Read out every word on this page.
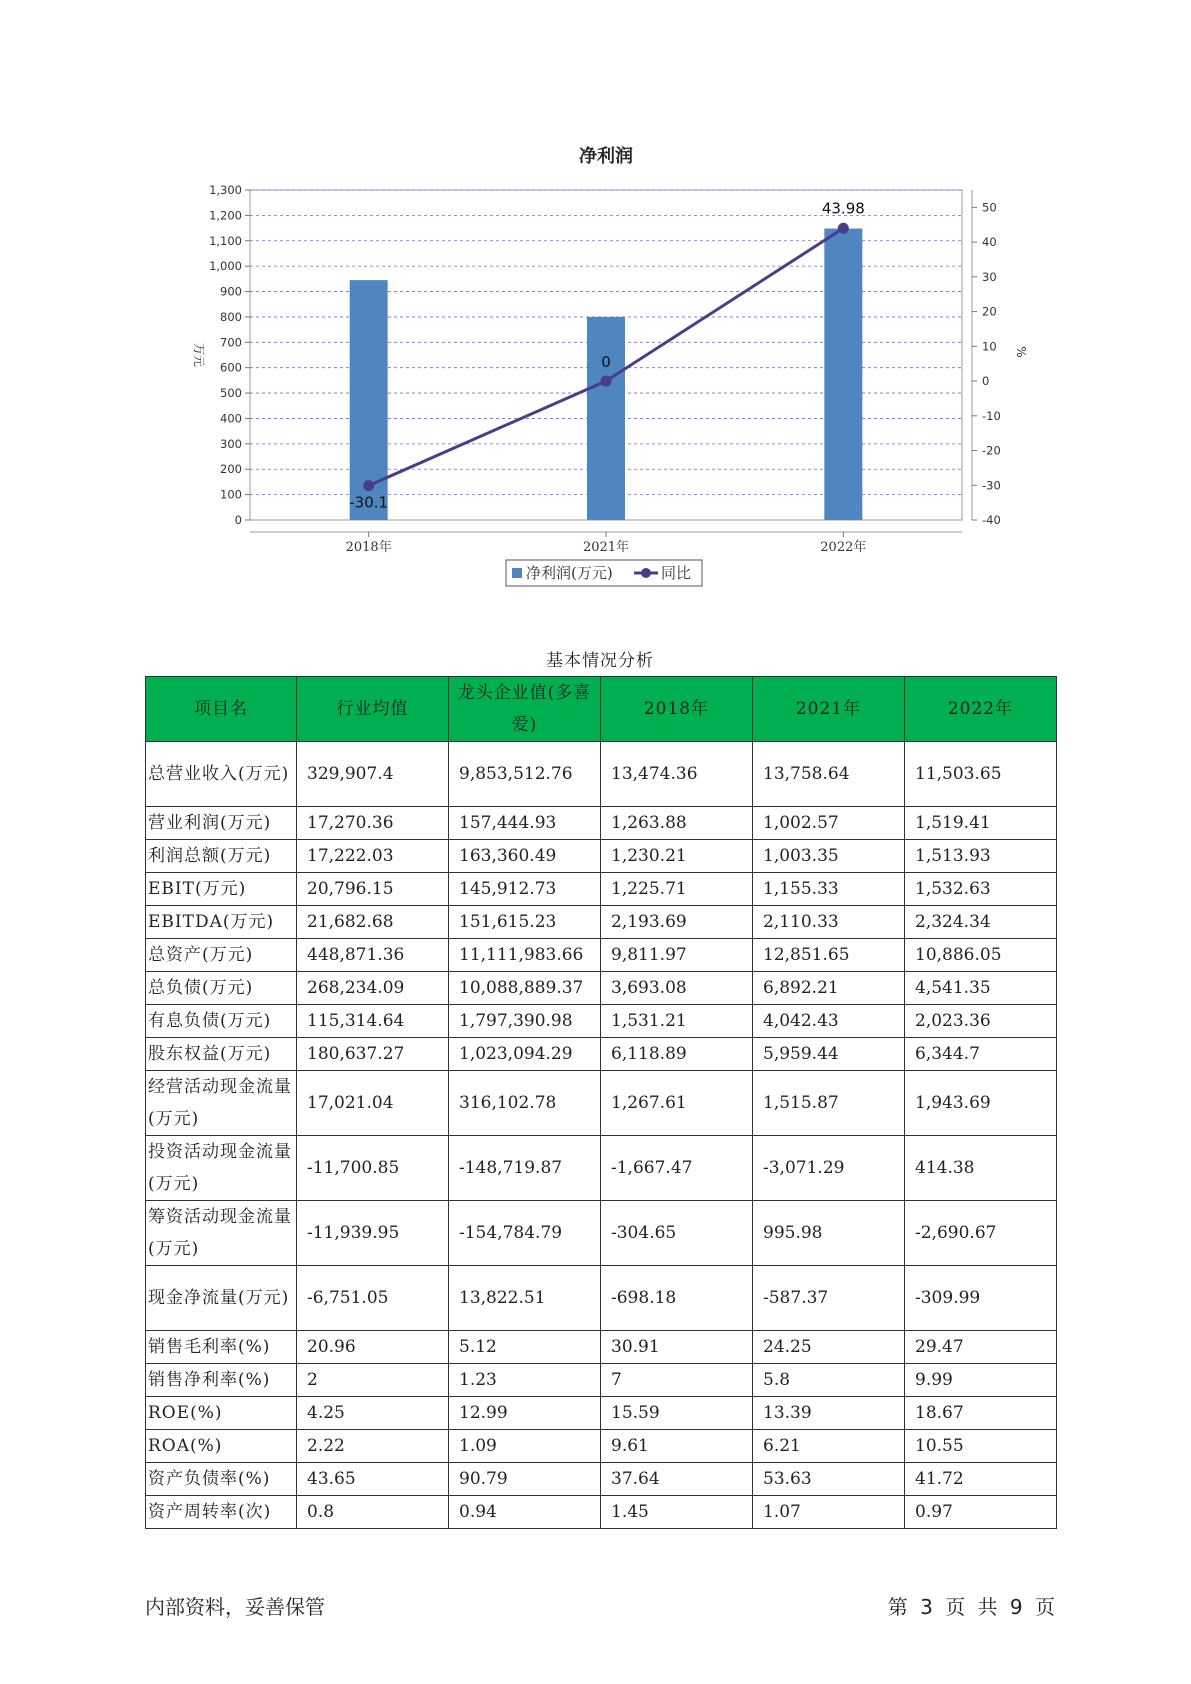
净利润
0
100
200
300
400
500
600
700
800
900
1,000
1,100
1,200
1,300
-40
-30
-20
-10
0
10
20
30
40
50
万元	%
2018年	2021年	2022年
-30.1
0
43.98
净利润(万元)	同比
基本情况分析
项目名	行业均值	龙头企业值(多喜爱)	2018年	2021年	2022年
总营业收入(万元)	329,907.4	9,853,512.76	13,474.36	13,758.64	11,503.65
营业利润(万元)	17,270.36	157,444.93	1,263.88	1,002.57	1,519.41
利润总额(万元)	17,222.03	163,360.49	1,230.21	1,003.35	1,513.93
EBIT(万元)	20,796.15	145,912.73	1,225.71	1,155.33	1,532.63
EBITDA(万元)	21,682.68	151,615.23	2,193.69	2,110.33	2,324.34
总资产(万元)	448,871.36	11,111,983.66	9,811.97	12,851.65	10,886.05
总负债(万元)	268,234.09	10,088,889.37	3,693.08	6,892.21	4,541.35
有息负债(万元)	115,314.64	1,797,390.98	1,531.21	4,042.43	2,023.36
股东权益(万元)	180,637.27	1,023,094.29	6,118.89	5,959.44	6,344.7
经营活动现金流量(万元)	17,021.04	316,102.78	1,267.61	1,515.87	1,943.69
投资活动现金流量(万元)	-11,700.85	-148,719.87	-1,667.47	-3,071.29	414.38
筹资活动现金流量(万元)	-11,939.95	-154,784.79	-304.65	995.98	-2,690.67
现金净流量(万元)	-6,751.05	13,822.51	-698.18	-587.37	-309.99
销售毛利率(%)	20.96	5.12	30.91	24.25	29.47
销售净利率(%)	2	1.23	7	5.8	9.99
ROE(%)	4.25	12.99	15.59	13.39	18.67
ROA(%)	2.22	1.09	9.61	6.21	10.55
资产负债率(%)	43.65	90.79	37.64	53.63	41.72
资产周转率(次)	0.8	0.94	1.45	1.07	0.97
内部资料，妥善保管	第 3 页 共 9 页
